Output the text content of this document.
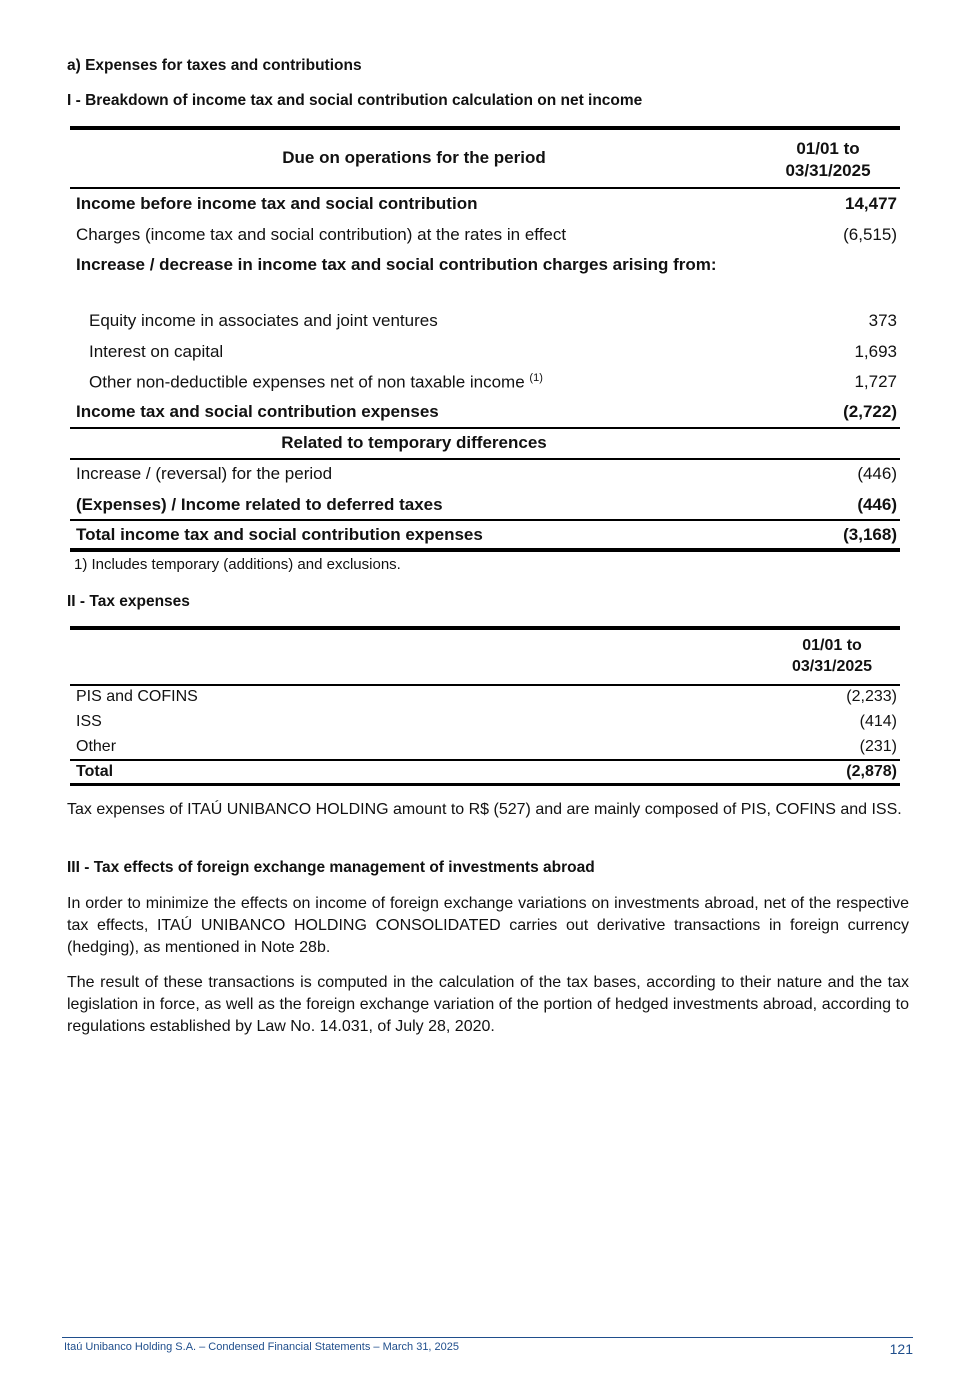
a) Expenses for taxes and contributions
I - Breakdown of income tax and social contribution calculation on net income
Due on operations for the period	01/01 to
03/31/2025
Income before income tax and social contribution	14,477
Charges (income tax and social contribution) at the rates in effect	(6,515)
Increase / decrease in income tax and social contribution charges arising from:
Equity income in associates and joint ventures	373
Interest on capital	1,693
Other non-deductible expenses net of non taxable income $^{(1)}$	1,727
Income tax and social contribution expenses	(2,722)
Related to temporary differences
Increase / (reversal) for the period	(446)
(Expenses) / Income related to deferred taxes	(446)
Total income tax and social contribution expenses	(3,168)
1) Includes temporary (additions) and exclusions.
II - Tax expenses
01/01 to
03/31/2025
PIS and COFINS	(2,233)
ISS	(414)
Other	(231)
Total	(2,878)
Tax expenses of ITAÚ UNIBANCO HOLDING amount to R$ (527) and are mainly composed of PIS, COFINS and ISS.
III - Tax effects of foreign exchange management of investments abroad
In order to minimize the effects on income of foreign exchange variations on investments abroad, net of the respective tax effects, ITAÚ UNIBANCO HOLDING CONSOLIDATED carries out derivative transactions in foreign currency (hedging), as mentioned in Note 28b.
The result of these transactions is computed in the calculation of the tax bases, according to their nature and the tax legislation in force, as well as the foreign exchange variation of the portion of hedged investments abroad, according to regulations established by Law No. 14.031, of July 28, 2020.
Itaú Unibanco Holding S.A. – Condensed Financial Statements – March 31, 2025	121
